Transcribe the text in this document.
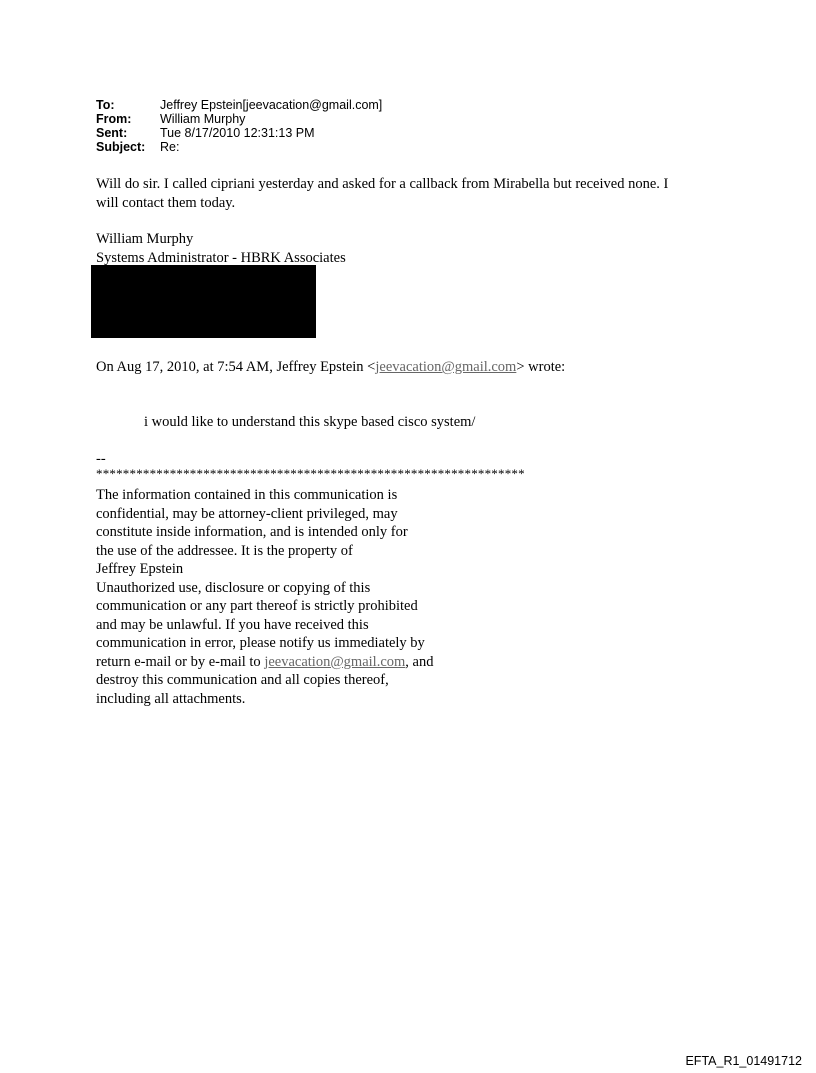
To:	Jeffrey Epstein[jeevacation@gmail.com]
From:	William Murphy
Sent:	Tue 8/17/2010 12:31:13 PM
Subject:	Re:
Will do sir. I called cipriani yesterday and asked for a callback from Mirabella but received none. I
will contact them today.
William Murphy
Systems Administrator - HBRK Associates
On Aug 17, 2010, at 7:54 AM, Jeffrey Epstein <jeevacation@gmail.com> wrote:
i would like to understand this skype based cisco system/
--
****************************************************************
The information contained in this communication is
confidential, may be attorney-client privileged, may
constitute inside information, and is intended only for
the use of the addressee. It is the property of
Jeffrey Epstein
Unauthorized use, disclosure or copying of this
communication or any part thereof is strictly prohibited
and may be unlawful. If you have received this
communication in error, please notify us immediately by
return e-mail or by e-mail to jeevacation@gmail.com, and
destroy this communication and all copies thereof,
including all attachments.
EFTA_R1_01491712
